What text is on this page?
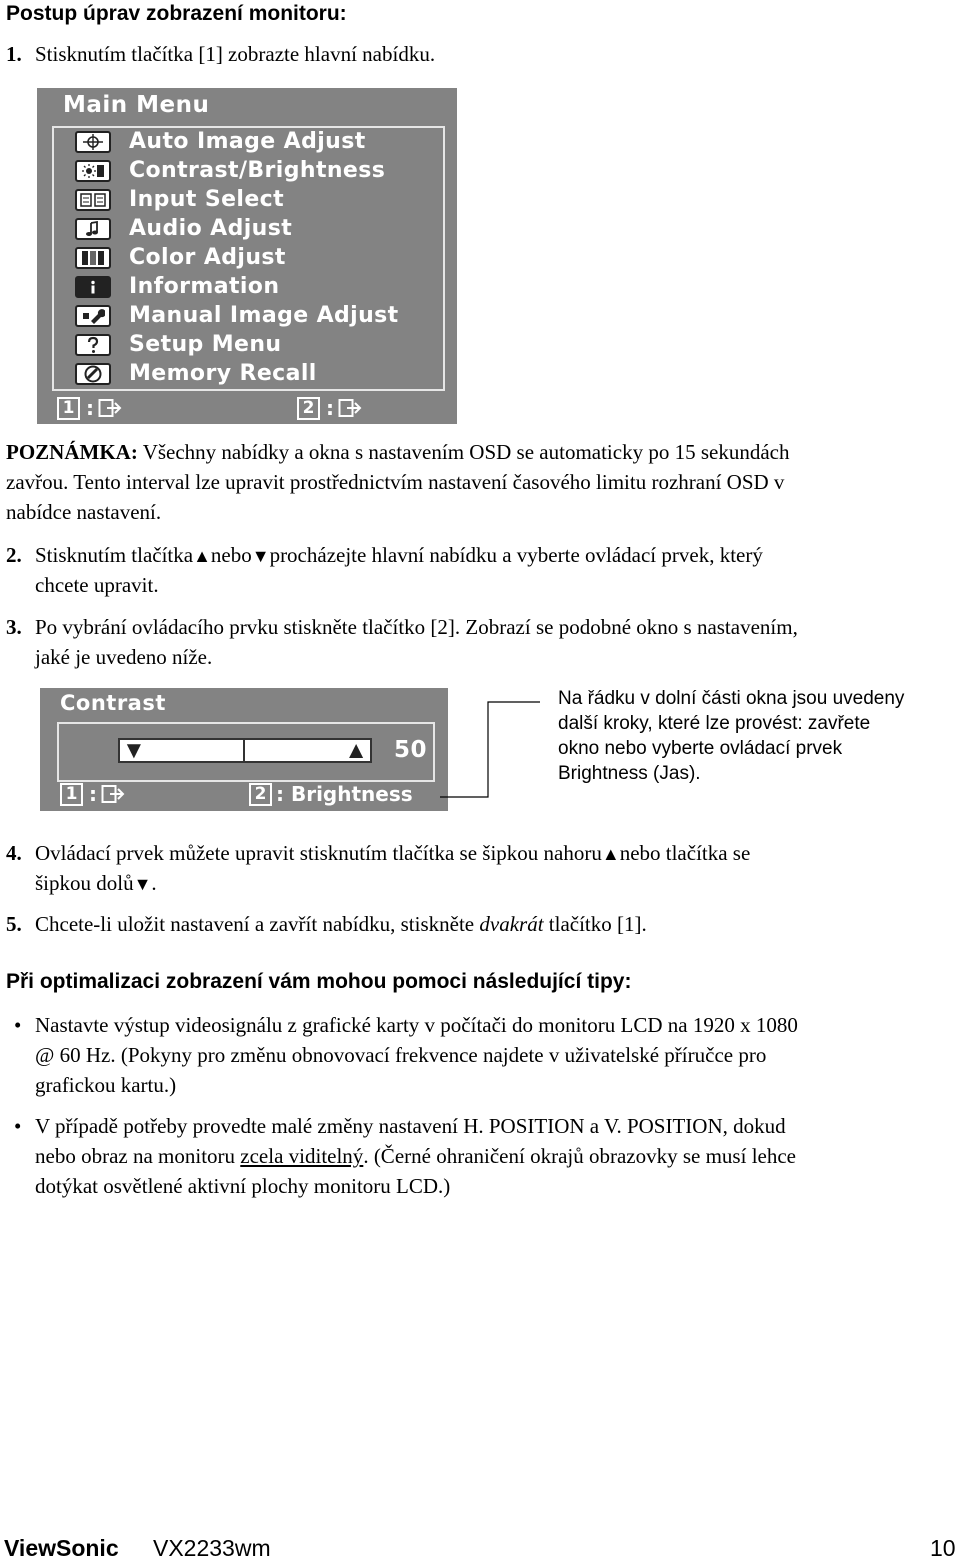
Postup úprav zobrazení monitoru:
1. Stisknutím tlačítka [1] zobrazte hlavní nabídku.
Main Menu
Auto Image Adjust
Contrast/Brightness
Input Select
Audio Adjust
Color Adjust
Information
Manual Image Adjust
Setup Menu
Memory Recall
1 :	2 :
POZNÁMKA: Všechny nabídky a okna s nastavením OSD se automaticky po 15 sekundách
zavřou. Tento interval lze upravit prostřednictvím nastavení časového limitu rozhraní OSD v
nabídce nastavení.
2. Stisknutím tlačítka▲nebo▼procházejte hlavní nabídku a vyberte ovládací prvek, který
chcete upravit.
3. Po vybrání ovládacího prvku stiskněte tlačítko [2]. Zobrazí se podobné okno s nastavením,
jaké je uvedeno níže.
Contrast
▼	▲ 50
1 :	2 : Brightness
Na řádku v dolní části okna jsou uvedeny
další kroky, které lze provést: zavřete
okno nebo vyberte ovládací prvek
Brightness (Jas).
4. Ovládací prvek můžete upravit stisknutím tlačítka se šipkou nahoru▲nebo tlačítka se
šipkou dolů▼.
5. Chcete-li uložit nastavení a zavřít nabídku, stiskněte dvakrát tlačítko [1].
Při optimalizaci zobrazení vám mohou pomoci následující tipy:
• Nastavte výstup videosignálu z grafické karty v počítači do monitoru LCD na 1920 x 1080
@ 60 Hz. (Pokyny pro změnu obnovovací frekvence najdete v uživatelské příručce pro
grafickou kartu.)
• V případě potřeby provedte malé změny nastavení H. POSITION a V. POSITION, dokud
nebo obraz na monitoru zcela viditelný. (Černé ohraničení okrajů obrazovky se musí lehce
dotýkat osvětlené aktivní plochy monitoru LCD.)
ViewSonic VX2233wm	10
